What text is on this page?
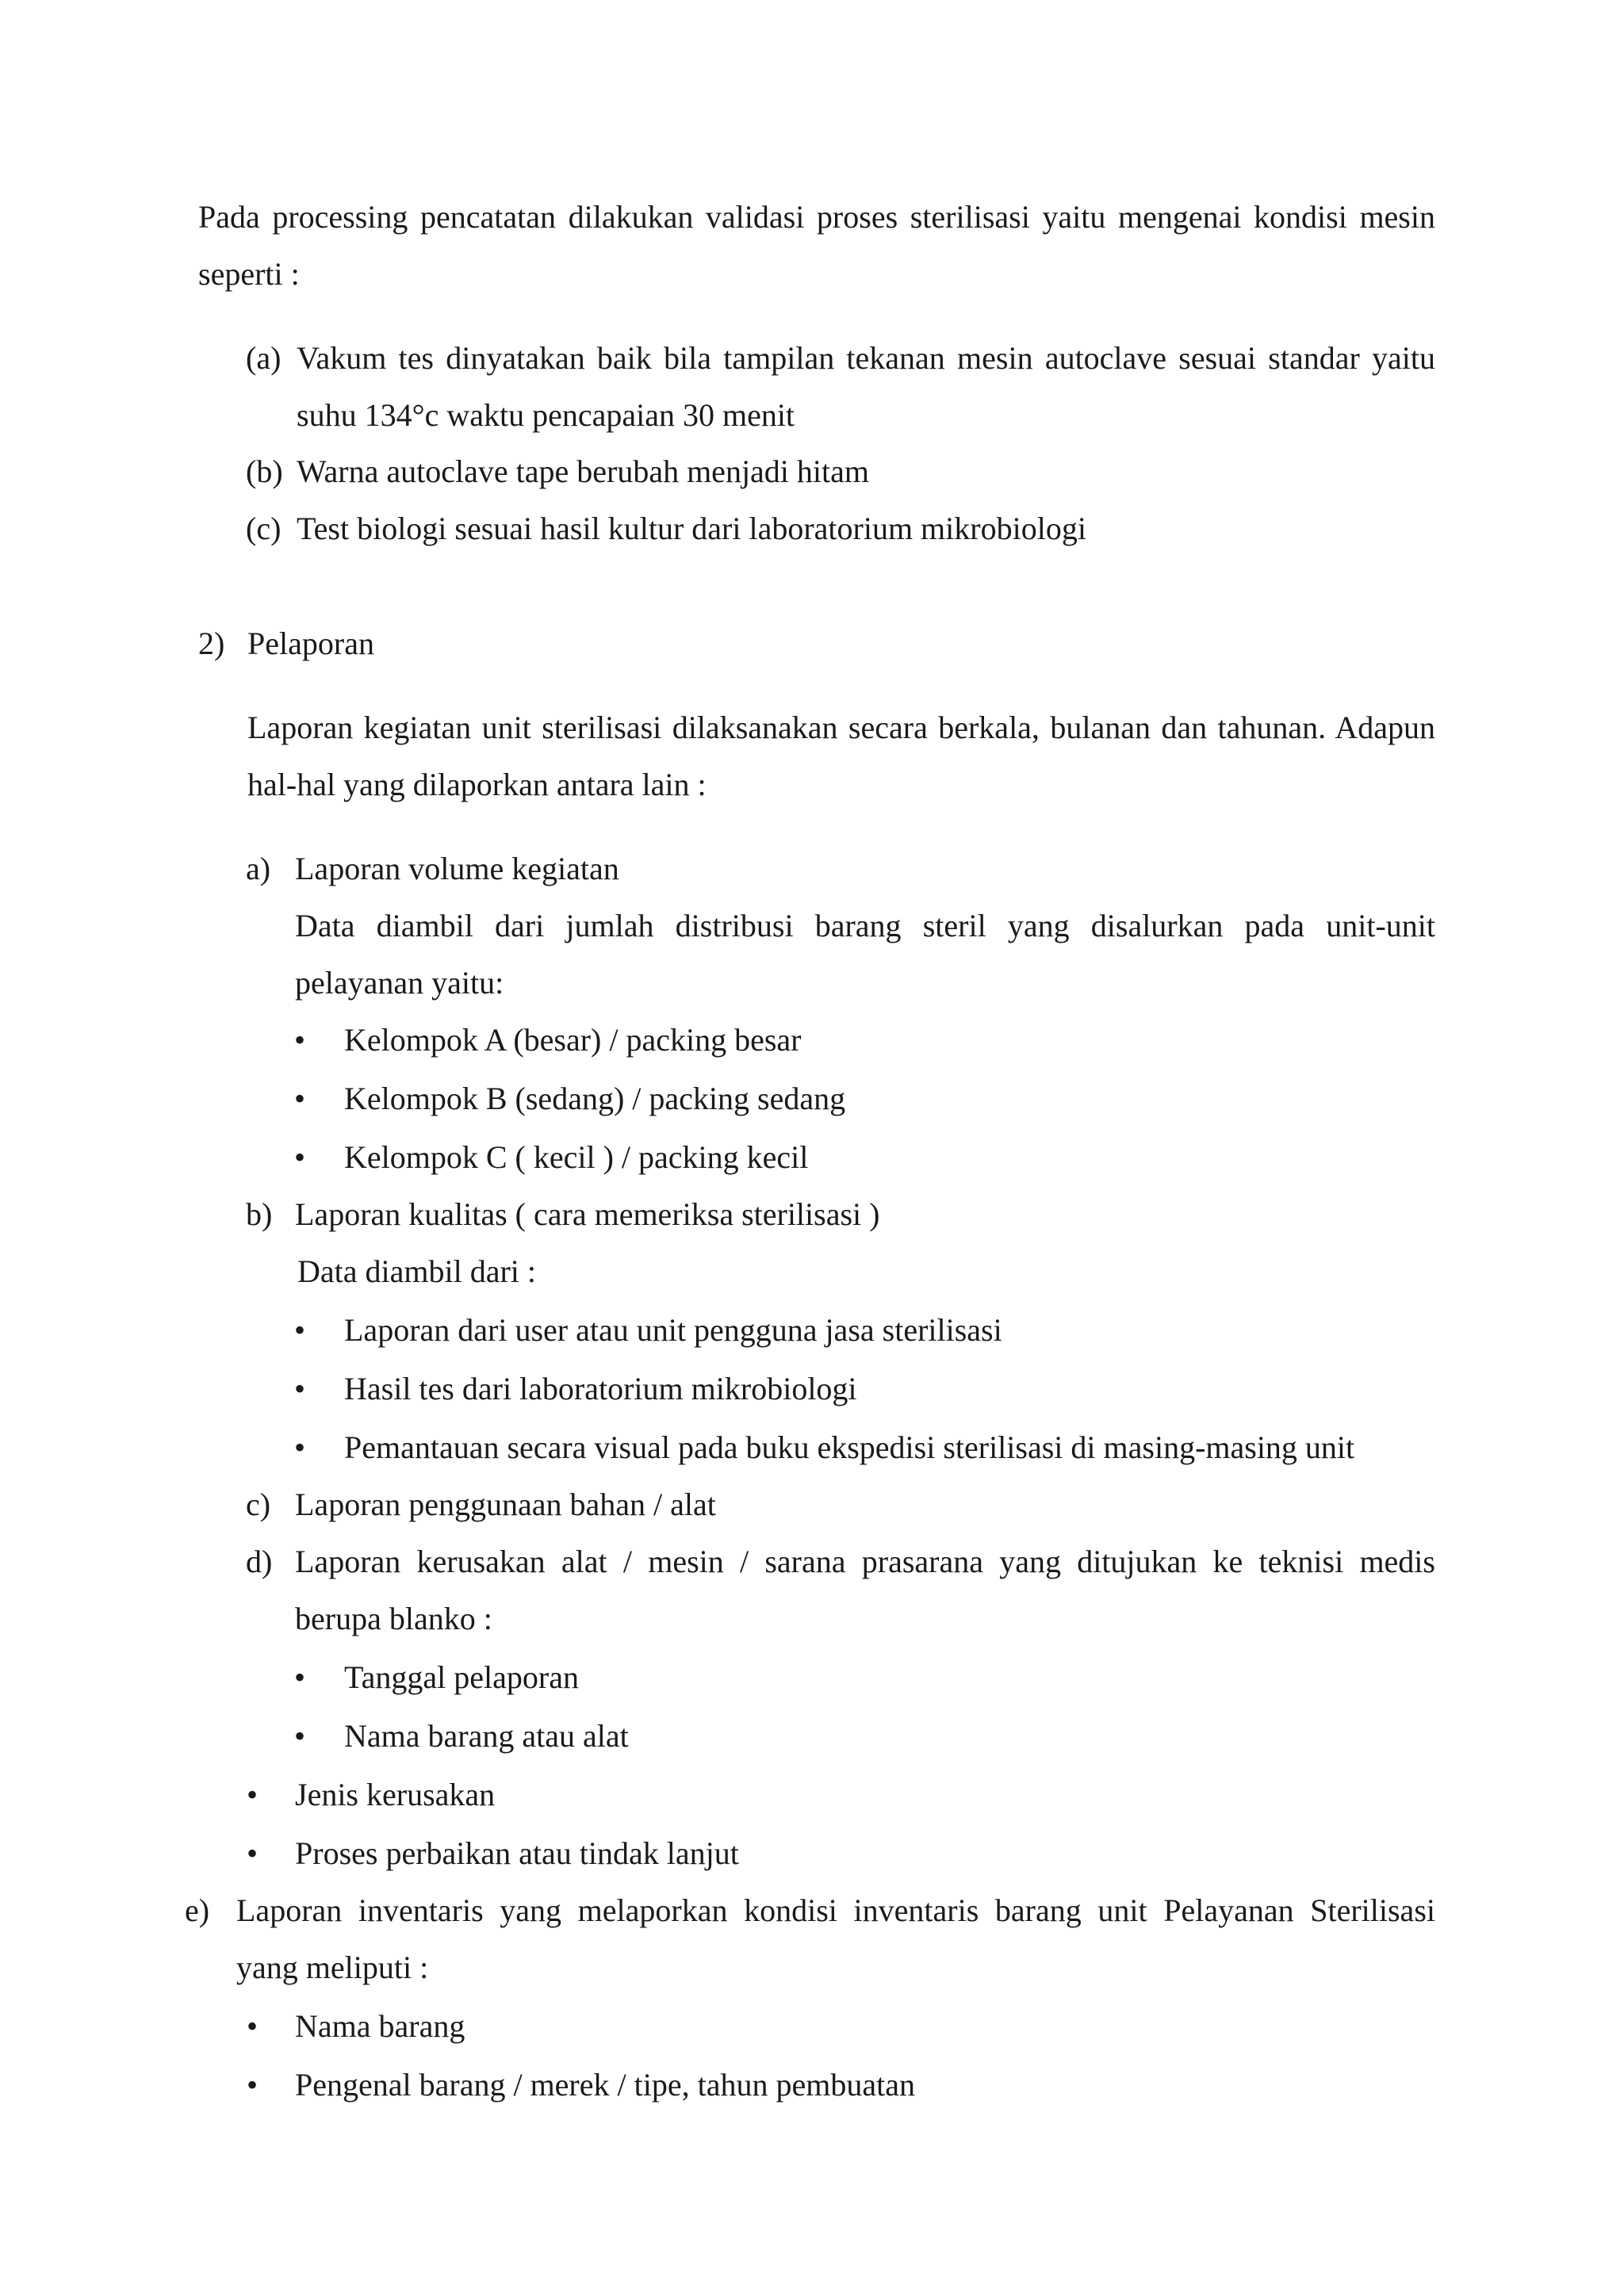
Pada processing pencatatan dilakukan validasi proses sterilisasi yaitu mengenai kondisi mesin
seperti :
(a) Vakum tes dinyatakan baik bila tampilan tekanan mesin autoclave sesuai standar yaitu
suhu 134°c waktu pencapaian 30 menit
(b) Warna autoclave tape berubah menjadi hitam
(c) Test biologi sesuai hasil kultur dari laboratorium mikrobiologi
2) Pelaporan
Laporan kegiatan unit sterilisasi dilaksanakan secara berkala, bulanan dan tahunan. Adapun
hal-hal yang dilaporkan antara lain :
a) Laporan volume kegiatan
Data diambil dari jumlah distribusi barang steril yang disalurkan pada unit-unit
pelayanan yaitu:
• Kelompok A (besar) / packing besar
• Kelompok B (sedang) / packing sedang
• Kelompok C ( kecil ) / packing kecil
b) Laporan kualitas ( cara memeriksa sterilisasi )
Data diambil dari :
• Laporan dari user atau unit pengguna jasa sterilisasi
• Hasil tes dari laboratorium mikrobiologi
• Pemantauan secara visual pada buku ekspedisi sterilisasi di masing-masing unit
c) Laporan penggunaan bahan / alat
d) Laporan kerusakan alat / mesin / sarana prasarana yang ditujukan ke teknisi medis
berupa blanko :
• Tanggal pelaporan
• Nama barang atau alat
• Jenis kerusakan
• Proses perbaikan atau tindak lanjut
e) Laporan inventaris yang melaporkan kondisi inventaris barang unit Pelayanan Sterilisasi
yang meliputi :
• Nama barang
• Pengenal barang / merek / tipe, tahun pembuatan
